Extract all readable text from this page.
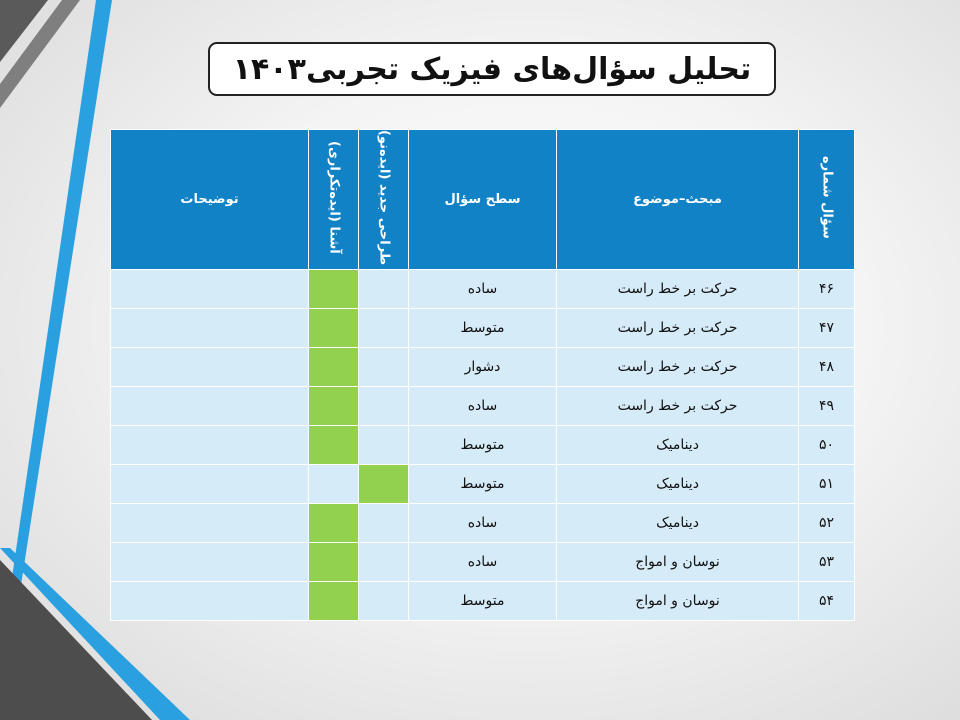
تحلیل سؤال‌های فیزیک تجربی۱۴۰۳
سؤال شماره	مبحث–موضوع	سطح سؤال	طراحی جدید (ایده‌نو)	آشنا (ایده‌تکراری)	توضیحات
۴۶	حرکت بر خط راست	ساده			
۴۷	حرکت بر خط راست	متوسط			
۴۸	حرکت بر خط راست	دشوار			
۴۹	حرکت بر خط راست	ساده			
۵۰	دینامیک	متوسط			
۵۱	دینامیک	متوسط			
۵۲	دینامیک	ساده			
۵۳	نوسان و امواج	ساده			
۵۴	نوسان و امواج	متوسط			
